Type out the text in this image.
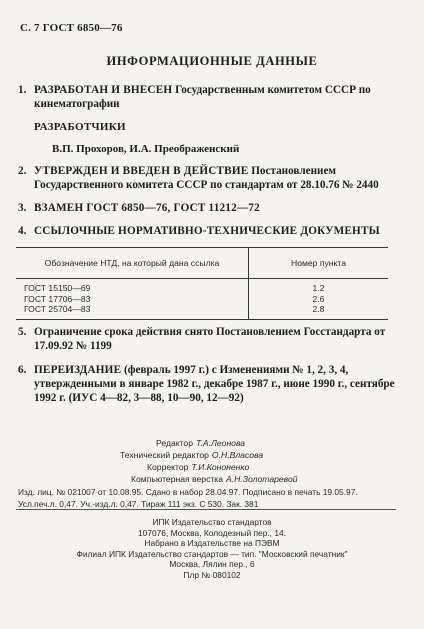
С. 7 ГОСТ 6850—76
ИНФОРМАЦИОННЫЕ ДАННЫЕ
1. РАЗРАБОТАН И ВНЕСЕН Государственным комитетом СССР по кинематографии
РАЗРАБОТЧИКИ
В.П. Прохоров, И.А. Преображенский
2. УТВЕРЖДЕН И ВВЕДЕН В ДЕЙСТВИЕ Постановлением Государственного комитета СССР по стандартам от 28.10.76 № 2440
3. ВЗАМЕН ГОСТ 6850—76, ГОСТ 11212—72
4. ССЫЛОЧНЫЕ НОРМАТИВНО-ТЕХНИЧЕСКИЕ ДОКУМЕНТЫ
Обозначение НТД, на который дана ссылка	Номер пункта
ГОСТ 15150—69	1.2
ГОСТ 17706—83	2.6
ГОСТ 25704—83	2.8
5. Ограничение срока действия снято Постановлением Госстандарта от 17.09.92 № 1199
6. ПЕРЕИЗДАНИЕ (февраль 1997 г.) с Изменениями № 1, 2, 3, 4, утвержденными в январе 1982 г., декабре 1987 г., июне 1990 г., сентябре 1992 г. (ИУС 4—82, 3—88, 10—90, 12—92)
Редактор Т.А.Леонова
Технический редактор О.Н.Власова
Корректор Т.И.Кононенко
Компьютерная верстка А.Н.Золотаревой
Изд. лиц. № 021007 от 10.08.95. Сдано в набор 28.04.97. Подписано в печать 19.05.97.
Усл.печ.л. 0,47. Уч.-изд.л. 0,47. Тираж 111 экз. С 530. Зак. 381
ИПК Издательство стандартов
107076, Москва, Колодезный пер., 14.
Набрано в Издательстве на ПЭВМ
Филиал ИПК Издательство стандартов — тип. "Московский печатник"
Москва, Лялин пер., 6
Плр № 080102
